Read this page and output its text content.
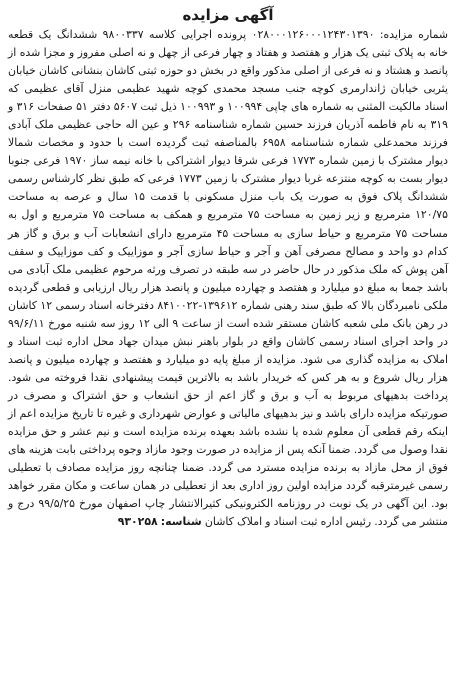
آگهی مزایده

شماره مزایده: ۰۲۸۰۰۰۱۲۶۰۰۰۱۲۴۳۰۱۳۹۰ پرونده اجرایی کلاسه ۹۸۰۰۳۳۷ ششدانگ یک قطعه خانه به پلاک ثبتی یک هزار و هفتصد و هفتاد و چهار فرعی از چهل و نه اصلی مفروز و مجزا شده از پانصد و هشتاد و نه فرعی از اصلی مذکور واقع در بخش دو حوزه ثبتی کاشان بنشانی کاشان خیابان یثربی خیابان ژاندارمری کوچه جنب مسجد محمدی کوچه شهید عظیمی منزل آقای عظیمی که اسناد مالکیت المثنی به شماره های چاپی ۱۰۰۹۹۴ و ۱۰۰۹۹۳ ذیل ثبت ۵۶۰۷ دفتر ۵۱ صفحات ۳۱۶ و ۳۱۹ به نام فاطمه آذریان فرزند حسین شماره شناسنامه ۲۹۶ و عین اله حاجی عظیمی ملک آبادی فرزند محمدعلی شماره شناسنامه ۶۹۵۸ بالمناصفه ثبت گردیده است با حدود و مخصات شمالا دیوار مشترک با زمین شماره ۱۷۷۳ فرعی شرقا دیوار اشتراکی با خانه نیمه ساز ۱۹۷۰ فرعی جنوبا دیوار بست به کوچه منتزعه غربا دیوار مشترک با زمین ۱۷۷۳ فرعی که طبق نظر کارشناس رسمی ششدانگ پلاک فوق به صورت یک باب منزل مسکونی با قدمت ۱۵ سال و عرصه به مساحت ۱۲۰/۷۵ مترمربع و زیر زمین به مساحت ۷۵ مترمربع و همکف به مساحت ۷۵ مترمربع و اول به مساحت ۷۵ مترمربع و حیاط سازی به مساحت ۴۵ مترمربع دارای انشعابات آب و برق و گاز هر کدام دو واحد و مصالح مصرفی آهن و آجر و حیاط سازی آجر و موزاییک و کف موزاییک و سقف آهن پوش که ملک مذکور در حال حاضر در سه طبقه در تصرف ورثه مرحوم عظیمی ملک آبادی می باشد جمعا به مبلغ دو میلیارد و هفتصد و چهارده میلیون و پانصد هزار ریال ارزیابی و قطعی گردیده ملکی نامبردگان بالا که طبق سند رهنی شماره ۱۳۹۶۱۲-۸۴۱۰۰۲۲ دفترخانه اسناد رسمی ۱۲ کاشان در رهن بانک ملی شعبه کاشان مستقر شده است از ساعت ۹ الی ۱۲ روز سه شنبه مورخ ۹۹/۶/۱۱ در واحد اجرای اسناد رسمی کاشان واقع در بلوار باهنر نبش میدان جهاد محل اداره ثبت اسناد و املاک به مزایده گذاری می شود. مزایده از مبلغ پایه دو میلیارد و هفتصد و چهارده میلیون و پانصد هزار ریال شروع و به هر کس که خریدار باشد به بالاترین قیمت پیشنهادی نقدا فروخته می شود. پرداخت بدهیهای مربوط به آب و برق و گاز اعم از حق انشعاب و حق اشتراک و مصرف در صورتیکه مزایده دارای باشد و نیز بدهیهای مالیاتی و عوارض شهرداری و غیره تا تاریخ مزایده اعم از اینکه رقم قطعی آن معلوم شده یا نشده باشد بعهده برنده مزایده است و نیم عشر و حق مزایده نقدا وصول می گردد. ضمنا آنکه پس از مزایده در صورت وجود مازاد وجوه پرداختی بابت هزینه های فوق از محل مازاد به برنده مزایده مسترد می گردد. ضمنا چنانچه روز مزایده مصادف با تعطیلی رسمی غیرمترقبه گردد مزایده اولین روز اداری بعد از تعطیلی در همان ساعت و مکان مقرر خواهد بود. این آگهی در یک نوبت در روزنامه الکترونیکی کثیرالانتشار چاپ اصفهان مورخ ۹۹/۵/۲۵ درج و منتشر می گردد. رئیس اداره ثبت اسناد و املاک کاشان شناسه: ۹۳۰۲۵۸
